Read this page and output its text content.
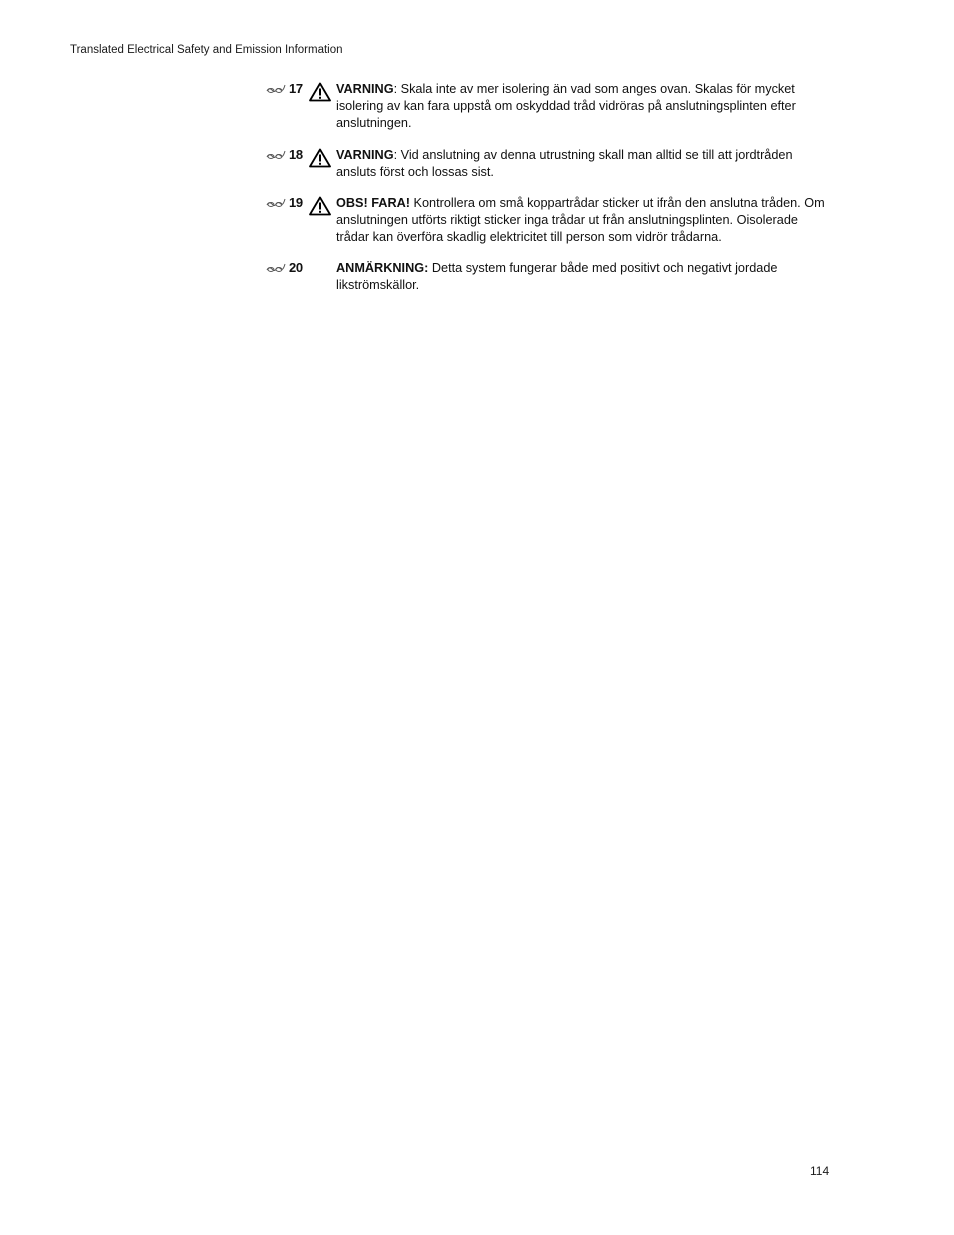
Translated Electrical Safety and Emission Information
17	VARNING: Skala inte av mer isolering än vad som anges ovan. Skalas för mycket isolering av kan fara uppstå om oskyddad tråd vidröras på anslutningsplinten efter anslutningen.
18	VARNING: Vid anslutning av denna utrustning skall man alltid se till att jordtråden ansluts först och lossas sist.
19	OBS! FARA! Kontrollera om små koppartrådar sticker ut ifrån den anslutna tråden. Om anslutningen utförts riktigt sticker inga trådar ut från anslutningsplinten. Oisolerade trådar kan överföra skadlig elektricitet till person som vidrör trådarna.
20	ANMÄRKNING: Detta system fungerar både med positivt och negativt jordade likströmskällor.
114
